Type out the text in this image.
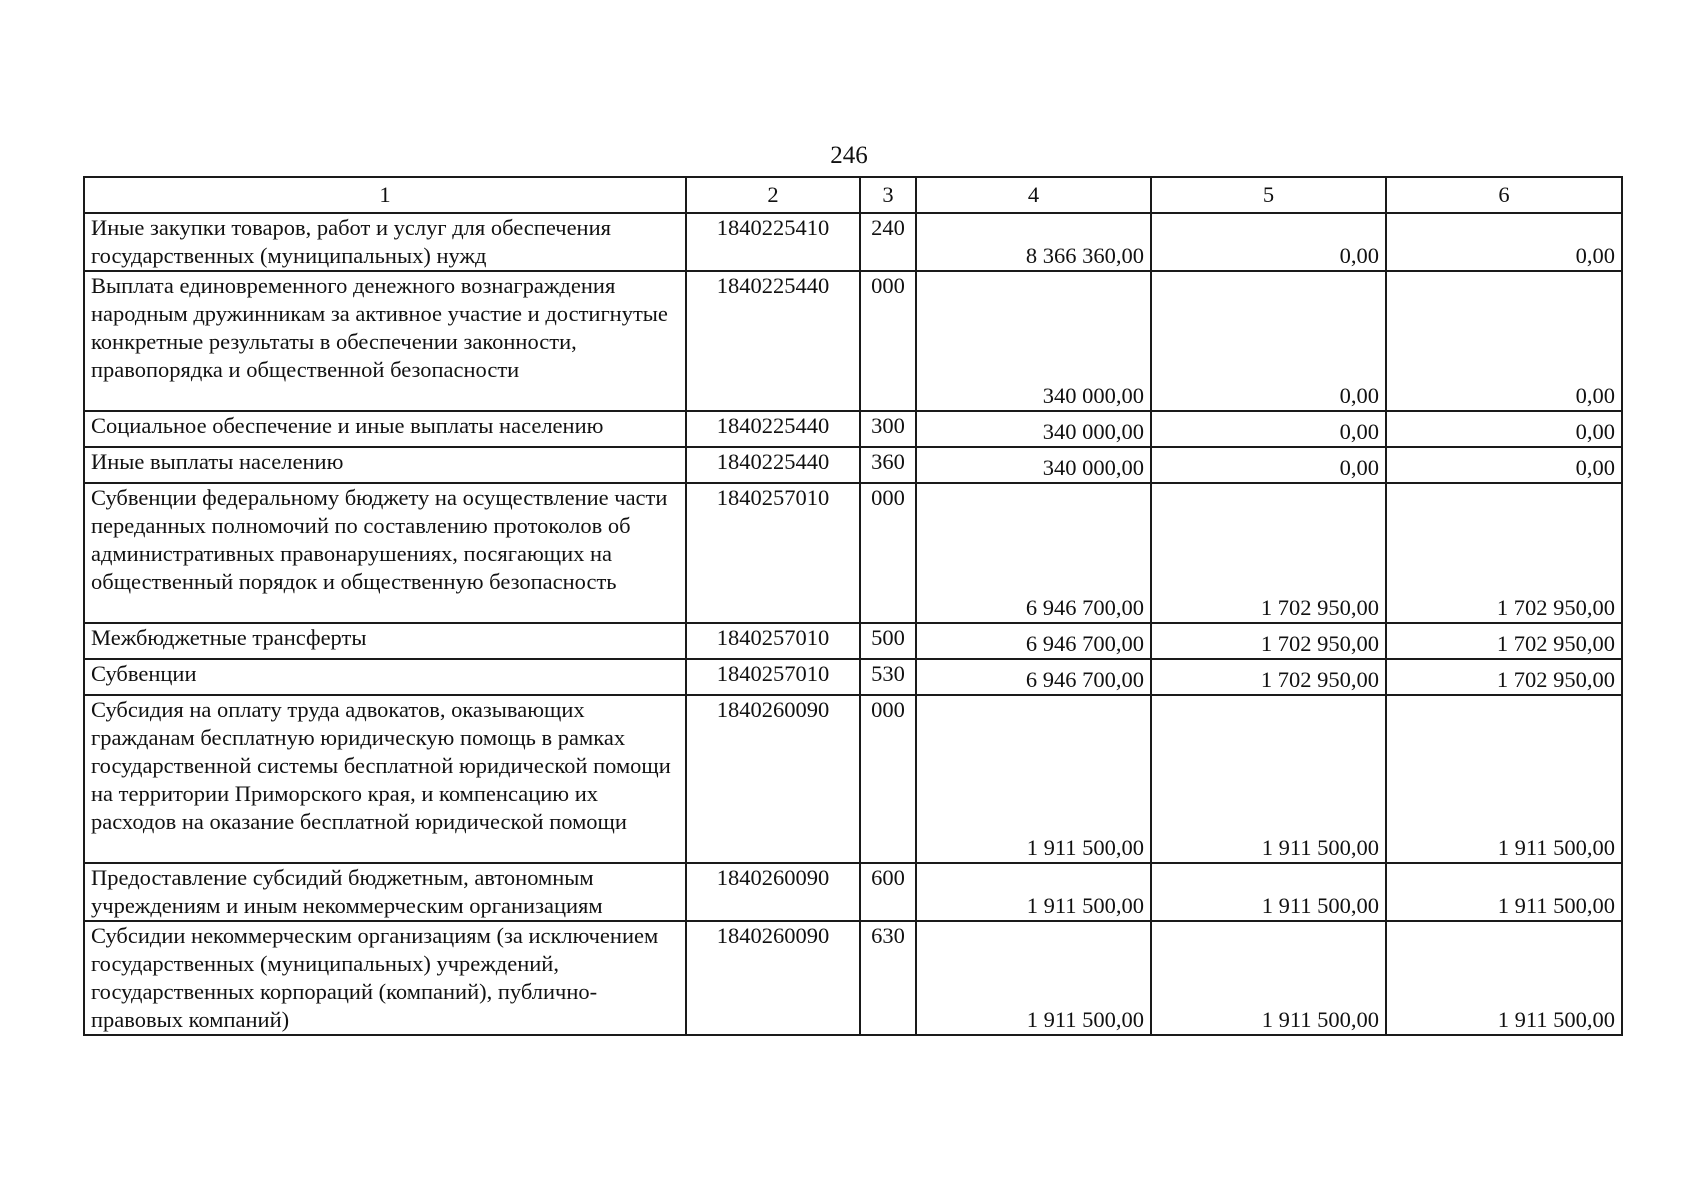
246
1	2	3	4	5	6
Иные закупки товаров, работ и услуг для обеспечения государственных (муниципальных) нужд	1840225410	240	8 366 360,00	0,00	0,00
Выплата единовременного денежного вознаграждения народным дружинникам за активное участие и достигнутые конкретные результаты в обеспечении законности, правопорядка и общественной безопасности	1840225440	000	340 000,00	0,00	0,00
Социальное обеспечение и иные выплаты населению	1840225440	300	340 000,00	0,00	0,00
Иные выплаты населению	1840225440	360	340 000,00	0,00	0,00
Субвенции федеральному бюджету на осуществление части переданных полномочий по составлению протоколов об административных правонарушениях, посягающих на общественный порядок и общественную безопасность	1840257010	000	6 946 700,00	1 702 950,00	1 702 950,00
Межбюджетные трансферты	1840257010	500	6 946 700,00	1 702 950,00	1 702 950,00
Субвенции	1840257010	530	6 946 700,00	1 702 950,00	1 702 950,00
Субсидия на оплату труда адвокатов, оказывающих гражданам бесплатную юридическую помощь в рамках государственной системы бесплатной юридической помощи на территории Приморского края, и компенсацию их расходов на оказание бесплатной юридической помощи	1840260090	000	1 911 500,00	1 911 500,00	1 911 500,00
Предоставление субсидий бюджетным, автономным учреждениям и иным некоммерческим организациям	1840260090	600	1 911 500,00	1 911 500,00	1 911 500,00
Субсидии некоммерческим организациям (за исключением государственных (муниципальных) учреждений, государственных корпораций (компаний), публично-правовых компаний)	1840260090	630	1 911 500,00	1 911 500,00	1 911 500,00
